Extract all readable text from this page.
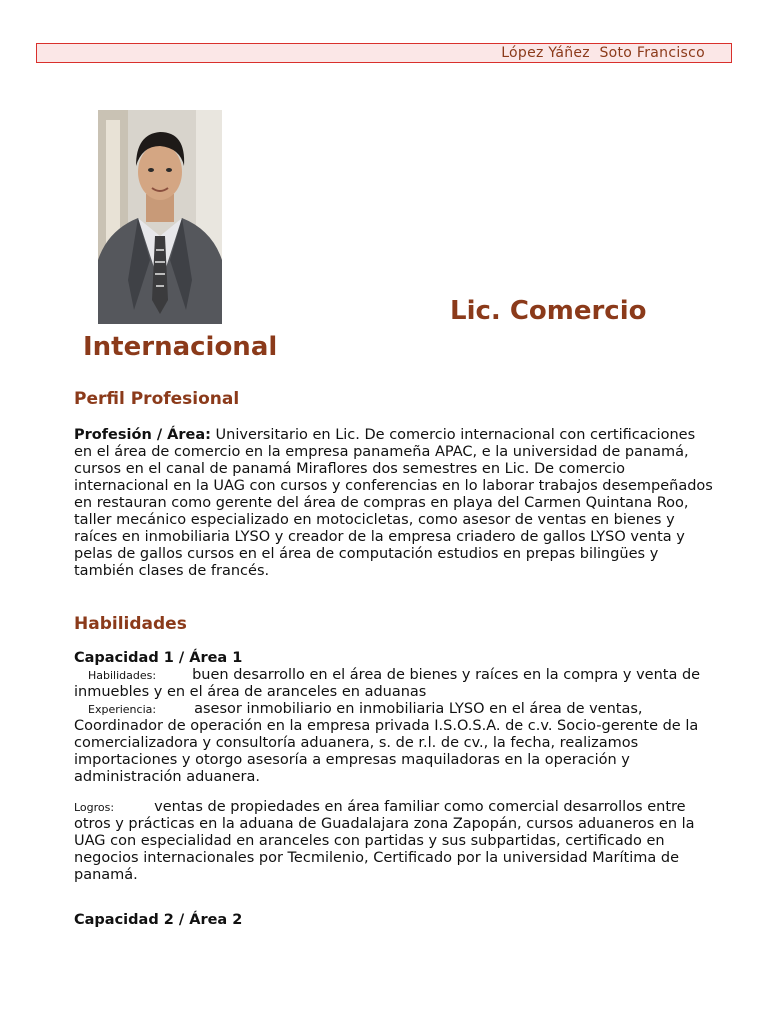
López Yáñez  Soto Francisco
Lic. Comercio
Internacional
Perfil Profesional
Profesión / Área: Universitario en Lic. De comercio internacional con certificaciones en el área de comercio en la empresa panameña APAC, e la universidad de panamá, cursos en el canal de panamá Miraflores dos semestres en Lic. De comercio internacional en la UAG con cursos y conferencias en lo laborar trabajos desempeñados en restauran como gerente del área de compras en playa del Carmen Quintana Roo, taller mecánico especializado en motocicletas, como asesor de ventas en bienes y raíces en inmobiliaria LYSO y creador de la empresa criadero de gallos LYSO venta y pelas de gallos cursos en el área de computación estudios en prepas bilingües y también clases de francés.
Habilidades
Capacidad 1 / Área 1
Habilidades: buen desarrollo en el área de bienes y raíces en la compra y venta de inmuebles y en el área de aranceles en aduanas
Experiencia:	asesor inmobiliario en inmobiliaria LYSO en el área de ventas, Coordinador de operación en la empresa privada I.S.O.S.A. de c.v. Socio-gerente de la comercializadora y consultoría aduanera, s. de r.l. de cv., la fecha, realizamos importaciones y otorgo asesoría a empresas maquiladoras en la operación y administración aduanera.
Logros:	ventas de propiedades en área familiar como comercial desarrollos entre otros y prácticas en la aduana de Guadalajara zona Zapopán, cursos aduaneros en la UAG con especialidad en aranceles con partidas y sus subpartidas, certificado en negocios internacionales por Tecmilenio, Certificado por la universidad Marítima de panamá.
Capacidad 2 / Área 2
